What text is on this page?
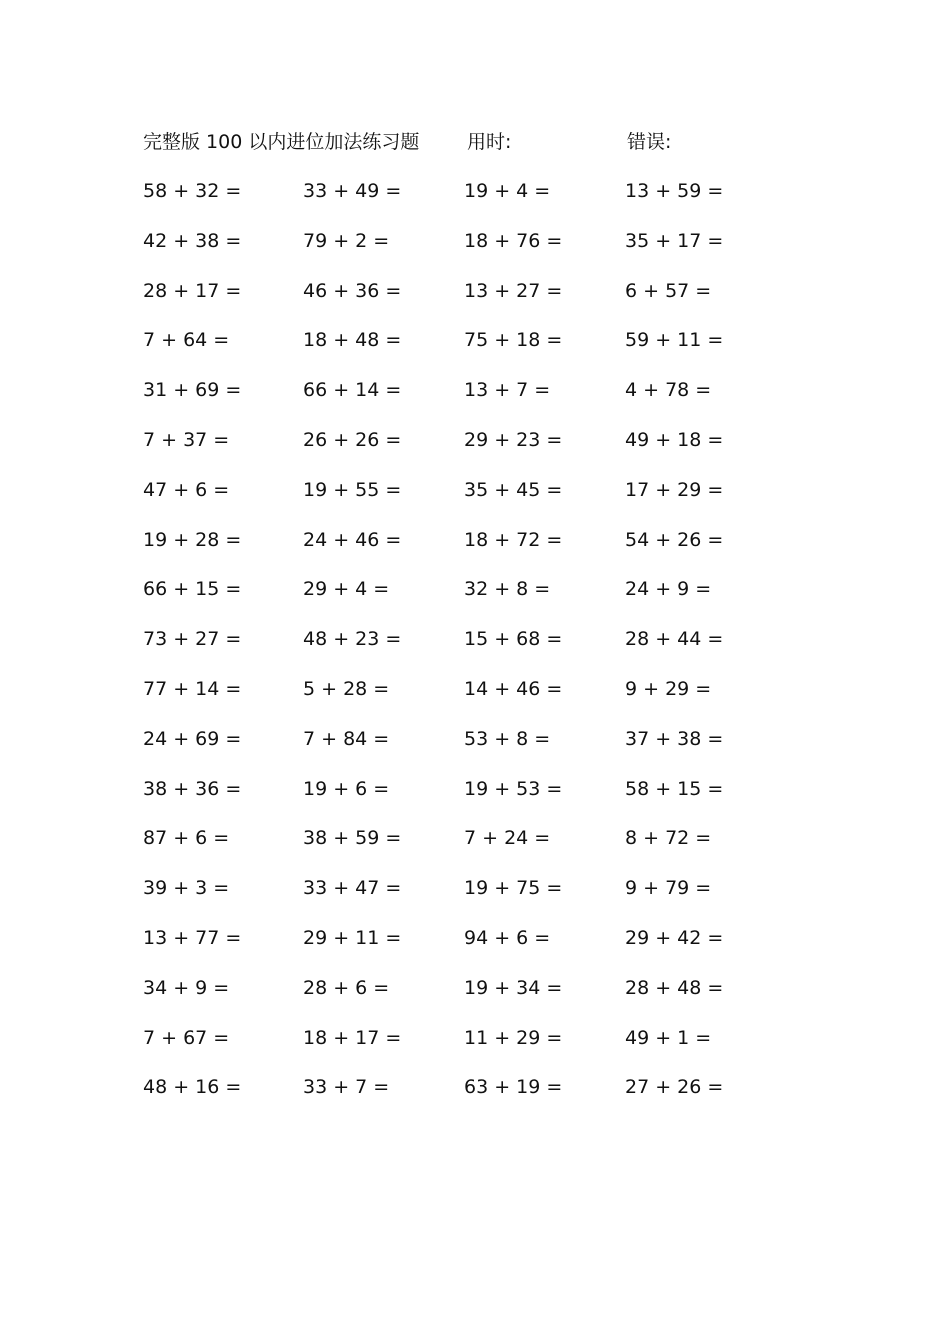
完整版 100 以内进位加法练习题	用时:	错误:
58 + 32 =	33 + 49 =	19 + 4 =	13 + 59 =
42 + 38 =	79 + 2 =	18 + 76 =	35 + 17 =
28 + 17 =	46 + 36 =	13 + 27 =	6 + 57 =
7 + 64 =	18 + 48 =	75 + 18 =	59 + 11 =
31 + 69 =	66 + 14 =	13 + 7 =	4 + 78 =
7 + 37 =	26 + 26 =	29 + 23 =	49 + 18 =
47 + 6 =	19 + 55 =	35 + 45 =	17 + 29 =
19 + 28 =	24 + 46 =	18 + 72 =	54 + 26 =
66 + 15 =	29 + 4 =	32 + 8 =	24 + 9 =
73 + 27 =	48 + 23 =	15 + 68 =	28 + 44 =
77 + 14 =	5 + 28 =	14 + 46 =	9 + 29 =
24 + 69 =	7 + 84 =	53 + 8 =	37 + 38 =
38 + 36 =	19 + 6 =	19 + 53 =	58 + 15 =
87 + 6 =	38 + 59 =	7 + 24 =	8 + 72 =
39 + 3 =	33 + 47 =	19 + 75 =	9 + 79 =
13 + 77 =	29 + 11 =	94 + 6 =	29 + 42 =
34 + 9 =	28 + 6 =	19 + 34 =	28 + 48 =
7 + 67 =	18 + 17 =	11 + 29 =	49 + 1 =
48 + 16 =	33 + 7 =	63 + 19 =	27 + 26 =
